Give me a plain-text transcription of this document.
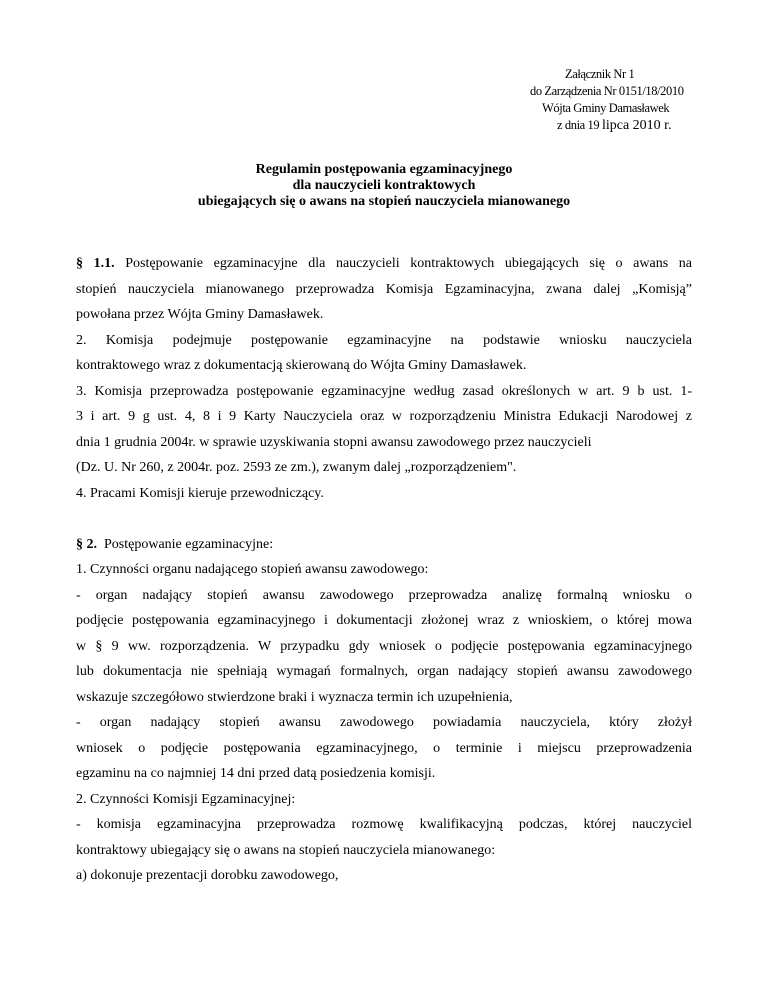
Załącznik Nr 1
do Zarządzenia Nr 0151/18/2010
Wójta Gminy Damasławek
z dnia 19 lipca 2010 r.
Regulamin postępowania egzaminacyjnego
dla nauczycieli kontraktowych
ubiegających się o awans na stopień nauczyciela mianowanego

§ 1.1. Postępowanie egzaminacyjne dla nauczycieli kontraktowych ubiegających się o awans na

stopień nauczyciela mianowanego przeprowadza Komisja Egzaminacyjna, zwana dalej „Komisją”

powołana przez Wójta Gminy Damasławek.

2. Komisja podejmuje postępowanie egzaminacyjne na podstawie wniosku nauczyciela

kontraktowego wraz z dokumentacją skierowaną do Wójta Gminy Damasławek.

3. Komisja przeprowadza postępowanie egzaminacyjne według zasad określonych w art. 9 b ust. 1-

3 i art. 9 g ust. 4, 8 i 9 Karty Nauczyciela oraz w rozporządzeniu Ministra Edukacji Narodowej z

dnia 1 grudnia 2004r. w sprawie uzyskiwania stopni awansu zawodowego przez nauczycieli

(Dz. U. Nr 260, z 2004r. poz. 2593 ze zm.), zwanym dalej „rozporządzeniem".

4. Pracami Komisji kieruje przewodniczący.

§ 2. Postępowanie egzaminacyjne:

1. Czynności organu nadającego stopień awansu zawodowego:

- organ nadający stopień awansu zawodowego przeprowadza analizę formalną wniosku o

podjęcie postępowania egzaminacyjnego i dokumentacji złożonej wraz z wnioskiem, o której mowa

w § 9 ww. rozporządzenia. W przypadku gdy wniosek o podjęcie postępowania egzaminacyjnego

lub dokumentacja nie spełniają wymagań formalnych, organ nadający stopień awansu zawodowego

wskazuje szczegółowo stwierdzone braki i wyznacza termin ich uzupełnienia,

- organ nadający stopień awansu zawodowego powiadamia nauczyciela, który złożył

wniosek o podjęcie postępowania egzaminacyjnego, o terminie i miejscu przeprowadzenia

egzaminu na co najmniej 14 dni przed datą posiedzenia komisji.

2. Czynności Komisji Egzaminacyjnej:

- komisja egzaminacyjna przeprowadza rozmowę kwalifikacyjną podczas, której nauczyciel

kontraktowy ubiegający się o awans na stopień nauczyciela mianowanego:

a) dokonuje prezentacji dorobku zawodowego,
